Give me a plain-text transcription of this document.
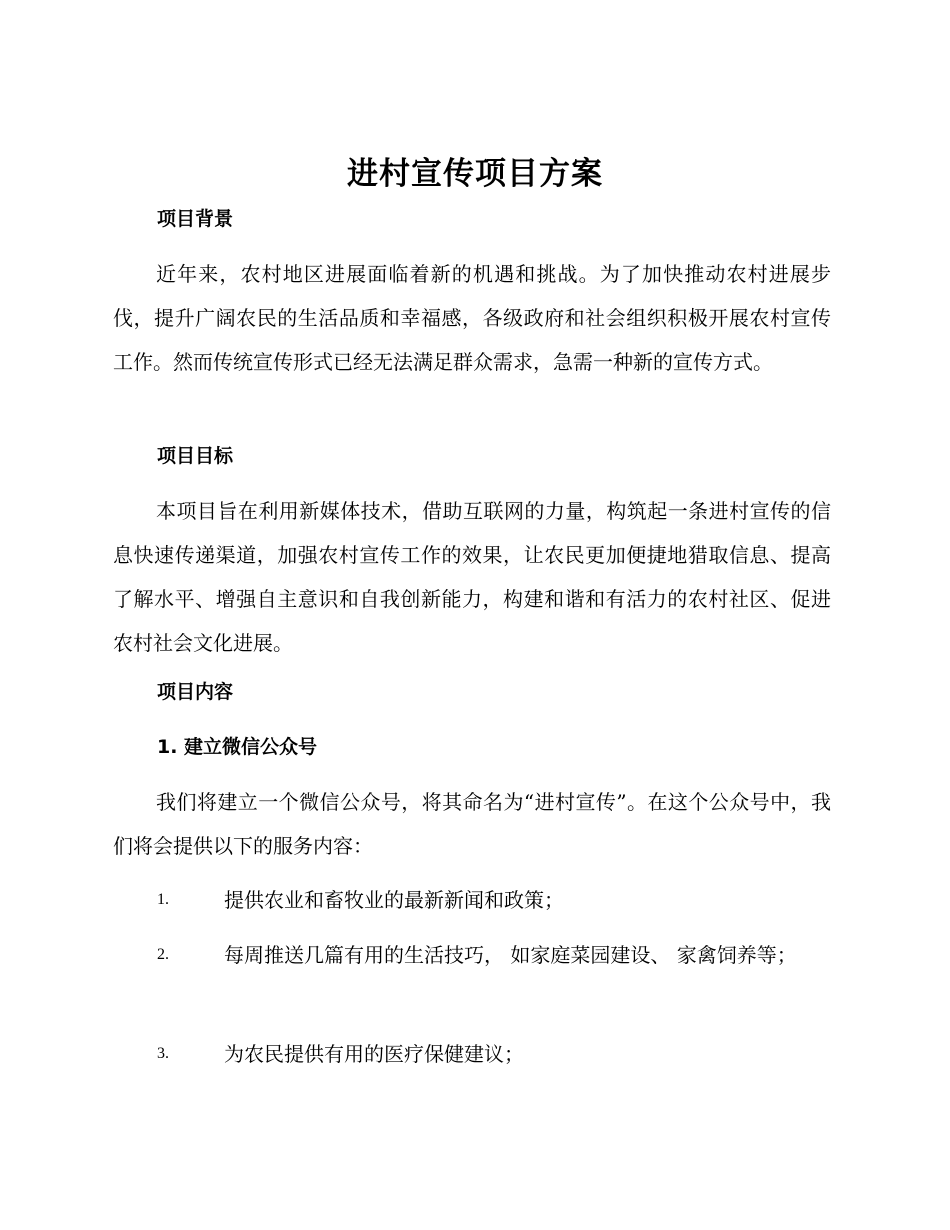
进村宣传项目方案
项目背景
近年来，农村地区进展面临着新的机遇和挑战。为了加快推动农村进展步伐，提升广阔农民的生活品质和幸福感，各级政府和社会组织积极开展农村宣传工作。然而传统宣传形式已经无法满足群众需求，急需一种新的宣传方式。
项目目标
本项目旨在利用新媒体技术，借助互联网的力量，构筑起一条进村宣传的信息快速传递渠道，加强农村宣传工作的效果，让农民更加便捷地猎取信息、提高了解水平、增强自主意识和自我创新能力，构建和谐和有活力的农村社区、促进农村社会文化进展。
项目内容
1. 建立微信公众号
我们将建立一个微信公众号，将其命名为“进村宣传”。在这个公众号中，我们将会提供以下的服务内容：
1.	提供农业和畜牧业的最新新闻和政策；
2.	每周推送几篇有用的生活技巧， 如家庭菜园建设、 家禽饲养等；
3.	为农民提供有用的医疗保健建议；
